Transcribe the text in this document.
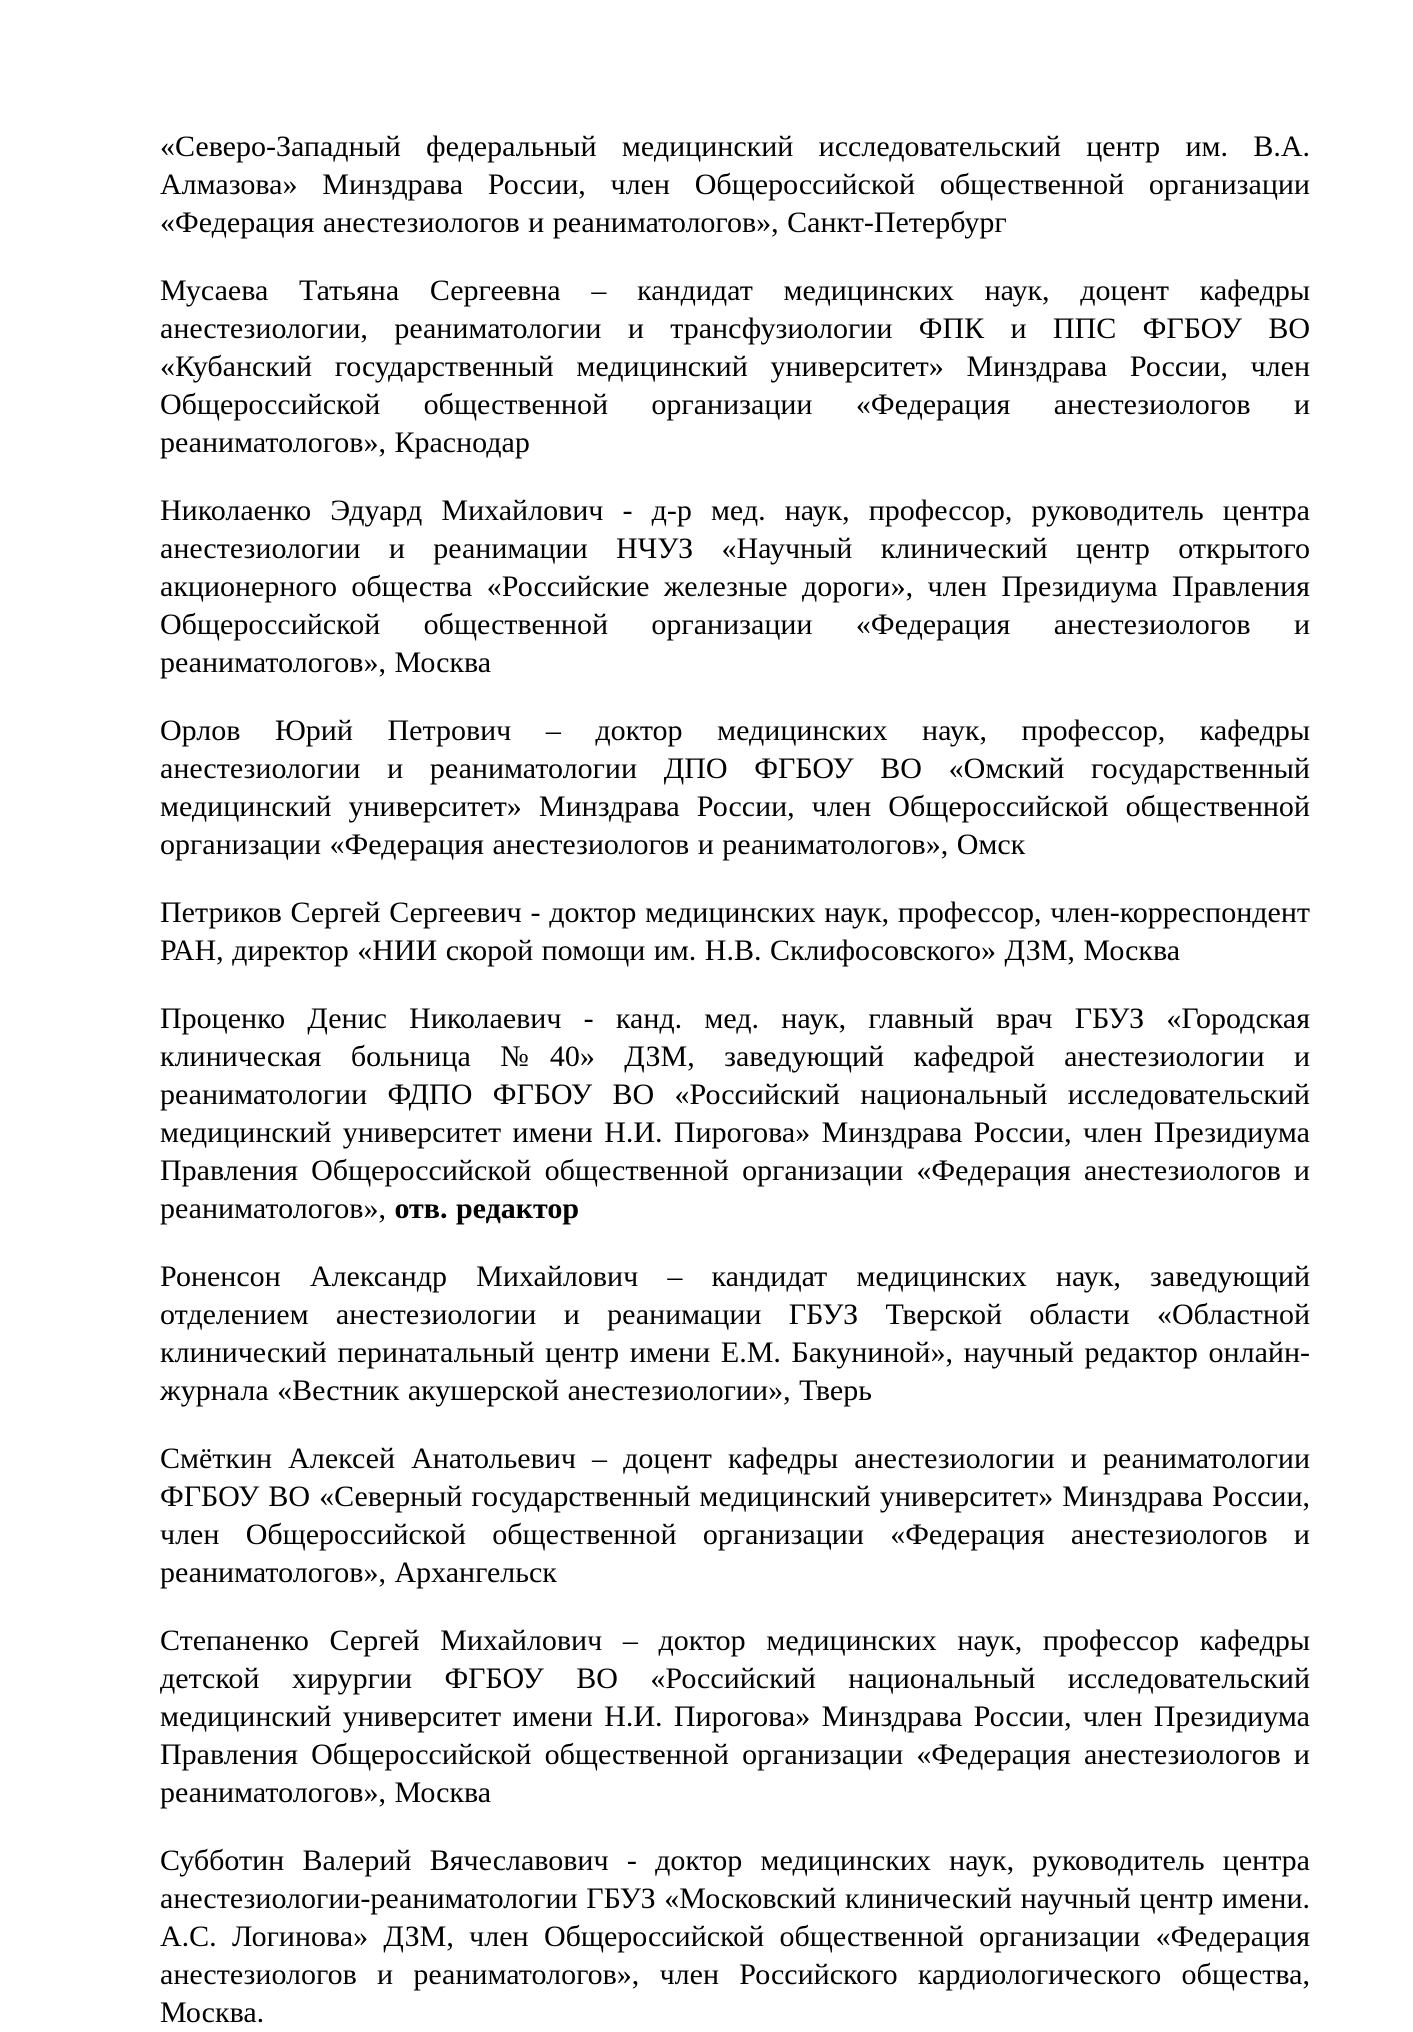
«Северо-Западный федеральный медицинский исследовательский центр им. В.А. Алмазова» Минздрава России, член Общероссийской общественной организации «Федерация анестезиологов и реаниматологов», Санкт-Петербург

Мусаева Татьяна Сергеевна – кандидат медицинских наук, доцент кафедры анестезиологии, реаниматологии и трансфузиологии ФПК и ППС ФГБОУ ВО «Кубанский государственный медицинский университет» Минздрава России, член Общероссийской общественной организации «Федерация анестезиологов и реаниматологов», Краснодар

Николаенко Эдуард Михайлович - д-р мед. наук, профессор, руководитель центра анестезиологии и реанимации НЧУЗ «Научный клинический центр открытого акционерного общества «Российские железные дороги», член Президиума Правления Общероссийской общественной организации «Федерация анестезиологов и реаниматологов», Москва

Орлов Юрий Петрович – доктор медицинских наук, профессор, кафедры анестезиологии и реаниматологии ДПО ФГБОУ ВО «Омский государственный медицинский университет» Минздрава России, член Общероссийской общественной организации «Федерация анестезиологов и реаниматологов», Омск

Петриков Сергей Сергеевич - доктор медицинских наук, профессор, член-корреспондент РАН, директор «НИИ скорой помощи им. Н.В. Склифосовского» ДЗМ, Москва

Проценко Денис Николаевич - канд. мед. наук, главный врач ГБУЗ «Городская клиническая больница №40» ДЗМ, заведующий кафедрой анестезиологии и реаниматологии ФДПО ФГБОУ ВО «Российский национальный исследовательский медицинский университет имени Н.И. Пирогова» Минздрава России, член Президиума Правления Общероссийской общественной организации «Федерация анестезиологов и реаниматологов», отв. редактор

Роненсон Александр Михайлович – кандидат медицинских наук, заведующий отделением анестезиологии и реанимации ГБУЗ Тверской области «Областной клинический перинатальный центр имени Е.М. Бакуниной», научный редактор онлайн-журнала «Вестник акушерской анестезиологии», Тверь

Смёткин Алексей Анатольевич – доцент кафедры анестезиологии и реаниматологии ФГБОУ ВО «Северный государственный медицинский университет» Минздрава России, член Общероссийской общественной организации «Федерация анестезиологов и реаниматологов», Архангельск

Степаненко Сергей Михайлович – доктор медицинских наук, профессор кафедры детской хирургии ФГБОУ ВО «Российский национальный исследовательский медицинский университет имени Н.И. Пирогова» Минздрава России, член Президиума Правления Общероссийской общественной организации «Федерация анестезиологов и реаниматологов», Москва

Субботин Валерий Вячеславович - доктор медицинских наук, руководитель центра анестезиологии-реаниматологии ГБУЗ «Московский клинический научный центр имени. А.С. Логинова» ДЗМ, член Общероссийской общественной организации «Федерация анестезиологов и реаниматологов», член Российского кардиологического общества, Москва.
